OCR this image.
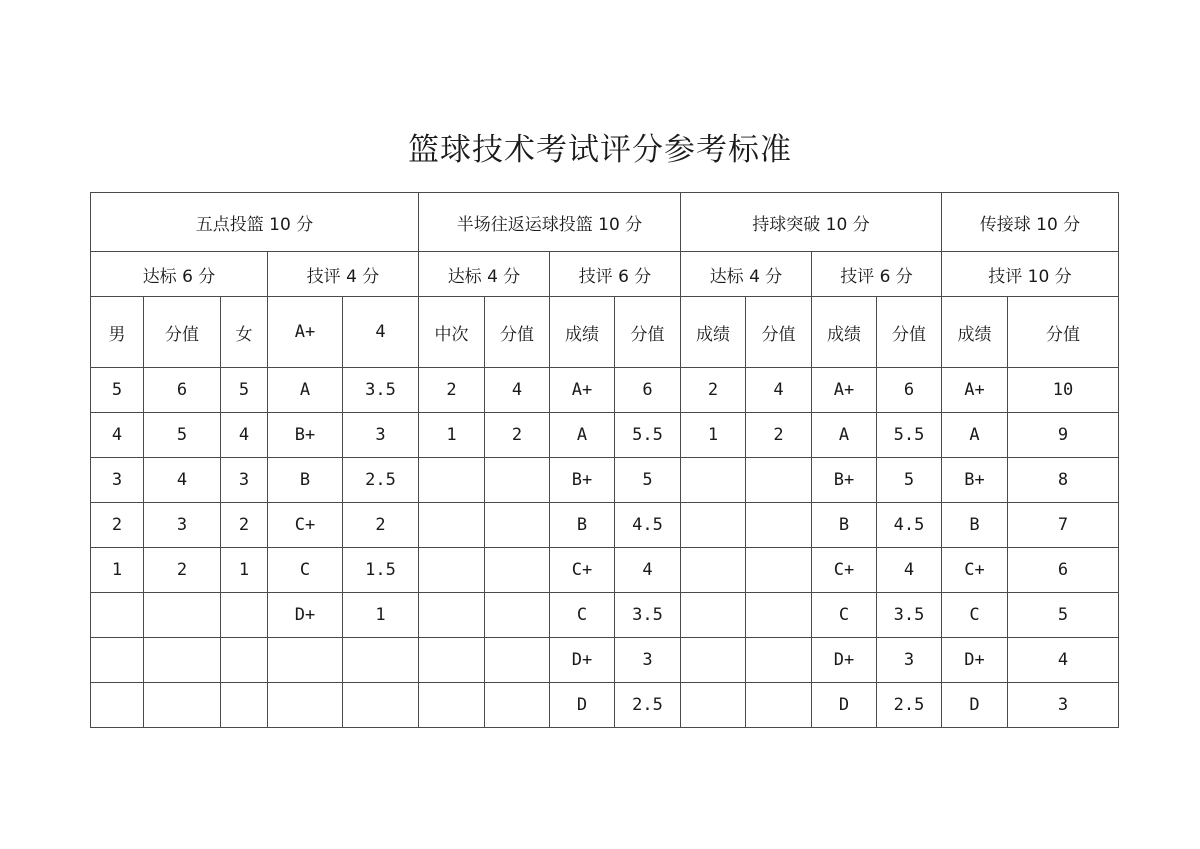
篮球技术考试评分参考标准
五点投篮 10 分					半场往返运球投篮 10 分				持球突破 10 分				传接球 10 分	
达标 6 分			技评 4 分		达标 4 分		技评 6 分		达标 4 分		技评 6 分		技评 10 分	
男	分值	女	A+	4	中次	分值	成绩	分值	成绩	分值	成绩	分值	成绩	分值
5	6	5	A	3.5	2	4	A+	6	2	4	A+	6	A+	10
4	5	4	B+	3	1	2	A	5.5	1	2	A	5.5	A	9
3	4	3	B	2.5			B+	5			B+	5	B+	8
2	3	2	C+	2			B	4.5			B	4.5	B	7
1	2	1	C	1.5			C+	4			C+	4	C+	6
			D+	1			C	3.5			C	3.5	C	5
							D+	3			D+	3	D+	4
							D	2.5			D	2.5	D	3
